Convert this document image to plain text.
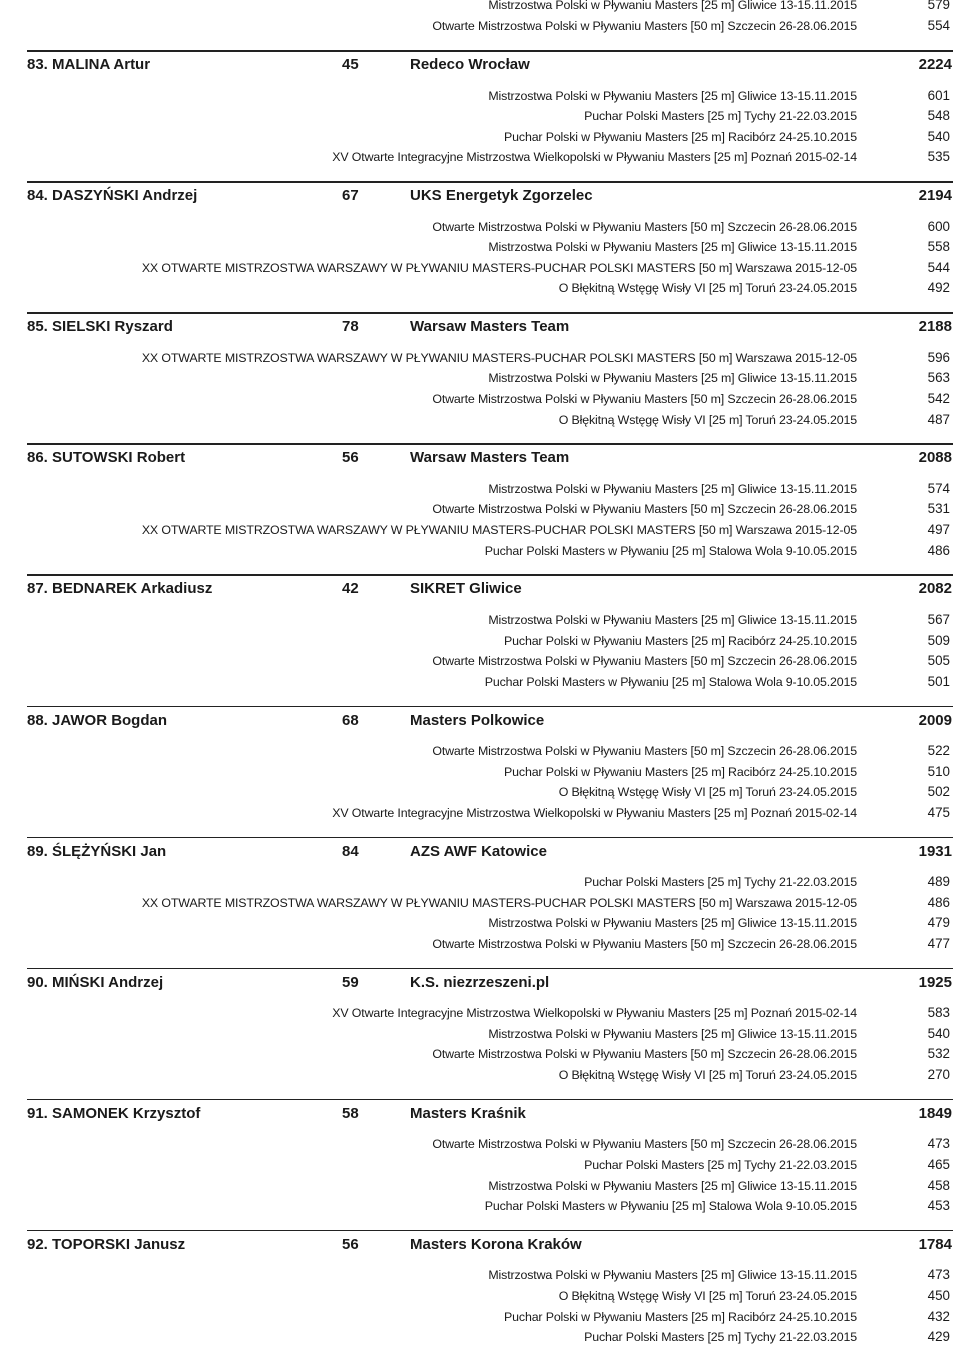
Mistrzostwa Polski w Pływaniu Masters [25 m] Gliwice 13-15.11.2015	579
Otwarte Mistrzostwa Polski w Pływaniu Masters [50 m] Szczecin 26-28.06.2015	554
83. MALINA Artur	45	Redeco Wrocław	2224
Mistrzostwa Polski w Pływaniu Masters [25 m] Gliwice 13-15.11.2015	601
Puchar Polski Masters [25 m] Tychy 21-22.03.2015	548
Puchar Polski w Pływaniu Masters [25 m] Racibórz 24-25.10.2015	540
XV Otwarte Integracyjne Mistrzostwa Wielkopolski w Pływaniu Masters [25 m] Poznań 2015-02-14	535
84. DASZYŃSKI Andrzej	67	UKS Energetyk Zgorzelec	2194
Otwarte Mistrzostwa Polski w Pływaniu Masters [50 m] Szczecin 26-28.06.2015	600
Mistrzostwa Polski w Pływaniu Masters [25 m] Gliwice 13-15.11.2015	558
XX OTWARTE MISTRZOSTWA WARSZAWY W PŁYWANIU MASTERS-PUCHAR POLSKI MASTERS [50 m] Warszawa 2015-12-05	544
O Błękitną Wstęgę Wisły VI [25 m] Toruń 23-24.05.2015	492
85. SIELSKI Ryszard	78	Warsaw Masters Team	2188
XX OTWARTE MISTRZOSTWA WARSZAWY W PŁYWANIU MASTERS-PUCHAR POLSKI MASTERS [50 m] Warszawa 2015-12-05	596
Mistrzostwa Polski w Pływaniu Masters [25 m] Gliwice 13-15.11.2015	563
Otwarte Mistrzostwa Polski w Pływaniu Masters [50 m] Szczecin 26-28.06.2015	542
O Błękitną Wstęgę Wisły VI [25 m] Toruń 23-24.05.2015	487
86. SUTOWSKI Robert	56	Warsaw Masters Team	2088
Mistrzostwa Polski w Pływaniu Masters [25 m] Gliwice 13-15.11.2015	574
Otwarte Mistrzostwa Polski w Pływaniu Masters [50 m] Szczecin 26-28.06.2015	531
XX OTWARTE MISTRZOSTWA WARSZAWY W PŁYWANIU MASTERS-PUCHAR POLSKI MASTERS [50 m] Warszawa 2015-12-05	497
Puchar Polski Masters w Pływaniu [25 m] Stalowa Wola 9-10.05.2015	486
87. BEDNAREK Arkadiusz	42	SIKRET Gliwice	2082
Mistrzostwa Polski w Pływaniu Masters [25 m] Gliwice 13-15.11.2015	567
Puchar Polski w Pływaniu Masters [25 m] Racibórz 24-25.10.2015	509
Otwarte Mistrzostwa Polski w Pływaniu Masters [50 m] Szczecin 26-28.06.2015	505
Puchar Polski Masters w Pływaniu [25 m] Stalowa Wola 9-10.05.2015	501
88. JAWOR Bogdan	68	Masters Polkowice	2009
Otwarte Mistrzostwa Polski w Pływaniu Masters [50 m] Szczecin 26-28.06.2015	522
Puchar Polski w Pływaniu Masters [25 m] Racibórz 24-25.10.2015	510
O Błękitną Wstęgę Wisły VI [25 m] Toruń 23-24.05.2015	502
XV Otwarte Integracyjne Mistrzostwa Wielkopolski w Pływaniu Masters [25 m] Poznań 2015-02-14	475
89. ŚLĘŻYŃSKI Jan	84	AZS AWF Katowice	1931
Puchar Polski Masters [25 m] Tychy 21-22.03.2015	489
XX OTWARTE MISTRZOSTWA WARSZAWY W PŁYWANIU MASTERS-PUCHAR POLSKI MASTERS [50 m] Warszawa 2015-12-05	486
Mistrzostwa Polski w Pływaniu Masters [25 m] Gliwice 13-15.11.2015	479
Otwarte Mistrzostwa Polski w Pływaniu Masters [50 m] Szczecin 26-28.06.2015	477
90. MIŃSKI Andrzej	59	K.S. niezrzeszeni.pl	1925
XV Otwarte Integracyjne Mistrzostwa Wielkopolski w Pływaniu Masters [25 m] Poznań 2015-02-14	583
Mistrzostwa Polski w Pływaniu Masters [25 m] Gliwice 13-15.11.2015	540
Otwarte Mistrzostwa Polski w Pływaniu Masters [50 m] Szczecin 26-28.06.2015	532
O Błękitną Wstęgę Wisły VI [25 m] Toruń 23-24.05.2015	270
91. SAMONEK Krzysztof	58	Masters Kraśnik	1849
Otwarte Mistrzostwa Polski w Pływaniu Masters [50 m] Szczecin 26-28.06.2015	473
Puchar Polski Masters [25 m] Tychy 21-22.03.2015	465
Mistrzostwa Polski w Pływaniu Masters [25 m] Gliwice 13-15.11.2015	458
Puchar Polski Masters w Pływaniu [25 m] Stalowa Wola 9-10.05.2015	453
92. TOPORSKI Janusz	56	Masters Korona Kraków	1784
Mistrzostwa Polski w Pływaniu Masters [25 m] Gliwice 13-15.11.2015	473
O Błękitną Wstęgę Wisły VI [25 m] Toruń 23-24.05.2015	450
Puchar Polski w Pływaniu Masters [25 m] Racibórz 24-25.10.2015	432
Puchar Polski Masters [25 m] Tychy 21-22.03.2015	429
